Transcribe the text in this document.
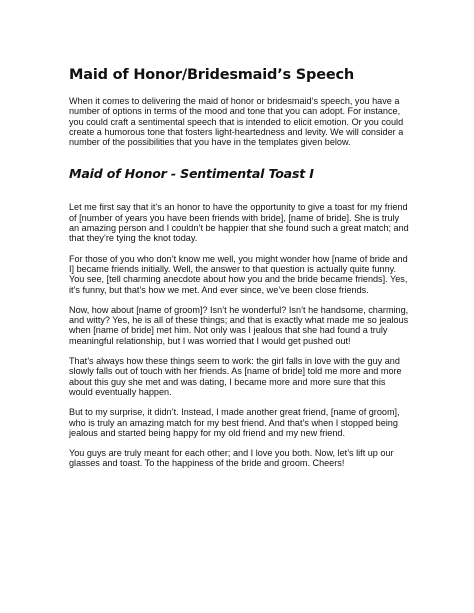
Maid of Honor/Bridesmaid’s Speech

When it comes to delivering the maid of honor or bridesmaid’s speech, you have a number of options in terms of the mood and tone that you can adopt. For instance, you could craft a sentimental speech that is intended to elicit emotion. Or you could create a humorous tone that fosters light-heartedness and levity. We will consider a number of the possibilities that you have in the templates given below.

Maid of Honor - Sentimental Toast I

Let me first say that it’s an honor to have the opportunity to give a toast for my friend of [number of years you have been friends with bride], [name of bride]. She is truly an amazing person and I couldn’t be happier that she found such a great match; and that they’re tying the knot today.

For those of you who don’t know me well, you might wonder how [name of bride and I] became friends initially. Well, the answer to that question is actually quite funny. You see, [tell charming anecdote about how you and the bride became friends]. Yes, it’s funny, but that’s how we met. And ever since, we’ve been close friends.

Now, how about [name of groom]? Isn’t he wonderful? Isn’t he handsome, charming, and witty? Yes, he is all of these things; and that is exactly what made me so jealous when [name of bride] met him. Not only was I jealous that she had found a truly meaningful relationship, but I was worried that I would get pushed out!

That’s always how these things seem to work: the girl falls in love with the guy and slowly falls out of touch with her friends. As [name of bride] told me more and more about this guy she met and was dating, I became more and more sure that this would eventually happen.

But to my surprise, it didn’t. Instead, I made another great friend, [name of groom], who is truly an amazing match for my best friend. And that’s when I stopped being jealous and started being happy for my old friend and my new friend.

You guys are truly meant for each other; and I love you both. Now, let’s lift up our glasses and toast. To the happiness of the bride and groom. Cheers!
